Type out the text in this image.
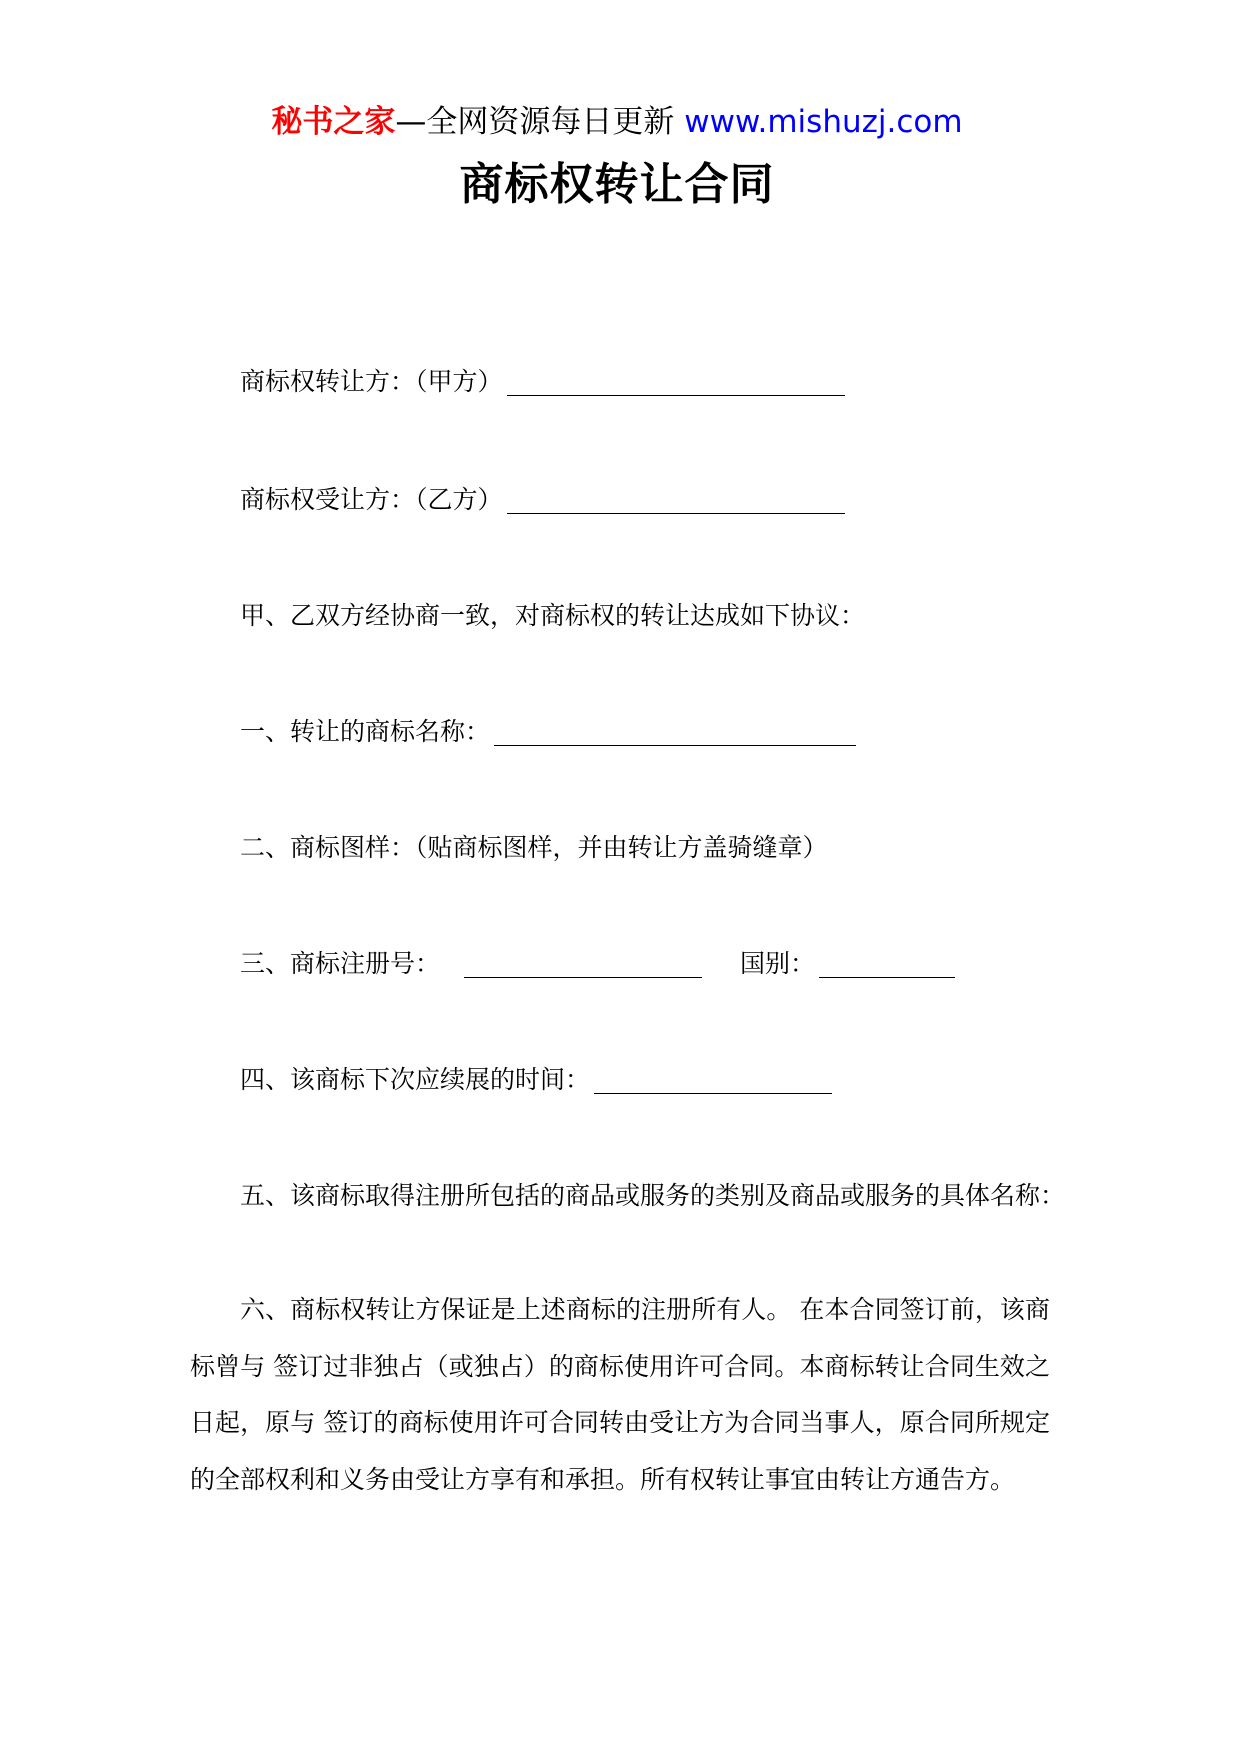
秘书之家—全网资源每日更新 www.mishuzj.com
商标权转让合同
商标权转让方：（甲方）
商标权受让方：（乙方）
甲、乙双方经协商一致，对商标权的转让达成如下协议：
一、转让的商标名称：
二、商标图样：（贴商标图样，并由转让方盖骑缝章）
三、商标注册号：	国别：
四、该商标下次应续展的时间：
五、该商标取得注册所包括的商品或服务的类别及商品或服务的具体名称：
六、商标权转让方保证是上述商标的注册所有人。 在本合同签订前，该商标曾与 签订过非独占（或独占）的商标使用许可合同。本商标转让合同生效之日起，原与 签订的商标使用许可合同转由受让方为合同当事人，原合同所规定的全部权利和义务由受让方享有和承担。所有权转让事宜由转让方通告方。
